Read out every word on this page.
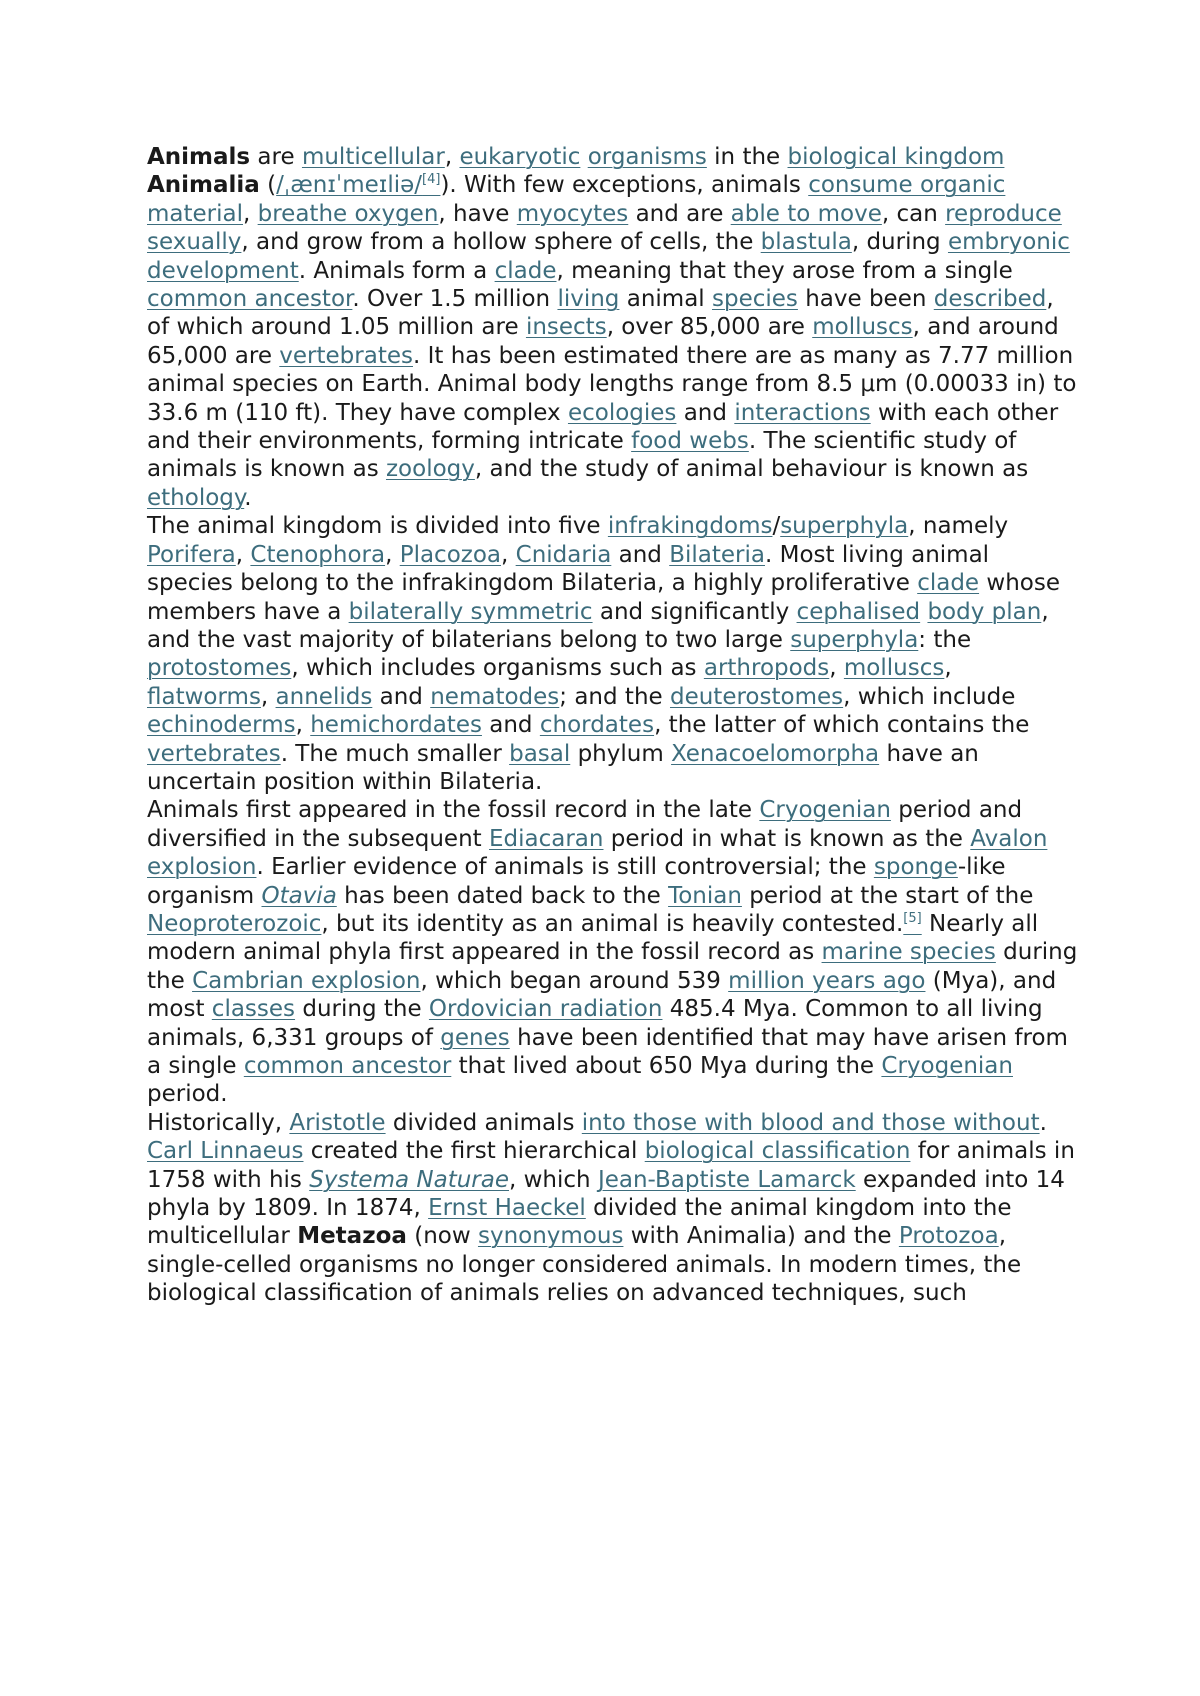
Animals are multicellular, eukaryotic organisms in the biological kingdom Animalia (/ˌænɪˈmeɪliə/[4]). With few exceptions, animals consume organic material, breathe oxygen, have myocytes and are able to move, can reproduce sexually, and grow from a hollow sphere of cells, the blastula, during embryonic development. Animals form a clade, meaning that they arose from a single common ancestor. Over 1.5 million living animal species have been described, of which around 1.05 million are insects, over 85,000 are molluscs, and around 65,000 are vertebrates. It has been estimated there are as many as 7.77 million animal species on Earth. Animal body lengths range from 8.5 μm (0.00033 in) to 33.6 m (110 ft). They have complex ecologies and interactions with each other and their environments, forming intricate food webs. The scientific study of animals is known as zoology, and the study of animal behaviour is known as ethology.

The animal kingdom is divided into five infrakingdoms/superphyla, namely Porifera, Ctenophora, Placozoa, Cnidaria and Bilateria. Most living animal species belong to the infrakingdom Bilateria, a highly proliferative clade whose members have a bilaterally symmetric and significantly cephalised body plan, and the vast majority of bilaterians belong to two large superphyla: the protostomes, which includes organisms such as arthropods, molluscs, flatworms, annelids and nematodes; and the deuterostomes, which include echinoderms, hemichordates and chordates, the latter of which contains the vertebrates. The much smaller basal phylum Xenacoelomorpha have an uncertain position within Bilateria.

Animals first appeared in the fossil record in the late Cryogenian period and diversified in the subsequent Ediacaran period in what is known as the Avalon explosion. Earlier evidence of animals is still controversial; the sponge-like organism Otavia has been dated back to the Tonian period at the start of the Neoproterozoic, but its identity as an animal is heavily contested.[5] Nearly all modern animal phyla first appeared in the fossil record as marine species during the Cambrian explosion, which began around 539 million years ago (Mya), and most classes during the Ordovician radiation 485.4 Mya. Common to all living animals, 6,331 groups of genes have been identified that may have arisen from a single common ancestor that lived about 650 Mya during the Cryogenian period.

Historically, Aristotle divided animals into those with blood and those without. Carl Linnaeus created the first hierarchical biological classification for animals in 1758 with his Systema Naturae, which Jean-Baptiste Lamarck expanded into 14 phyla by 1809. In 1874, Ernst Haeckel divided the animal kingdom into the multicellular Metazoa (now synonymous with Animalia) and the Protozoa, single-celled organisms no longer considered animals. In modern times, the biological classification of animals relies on advanced techniques, such
